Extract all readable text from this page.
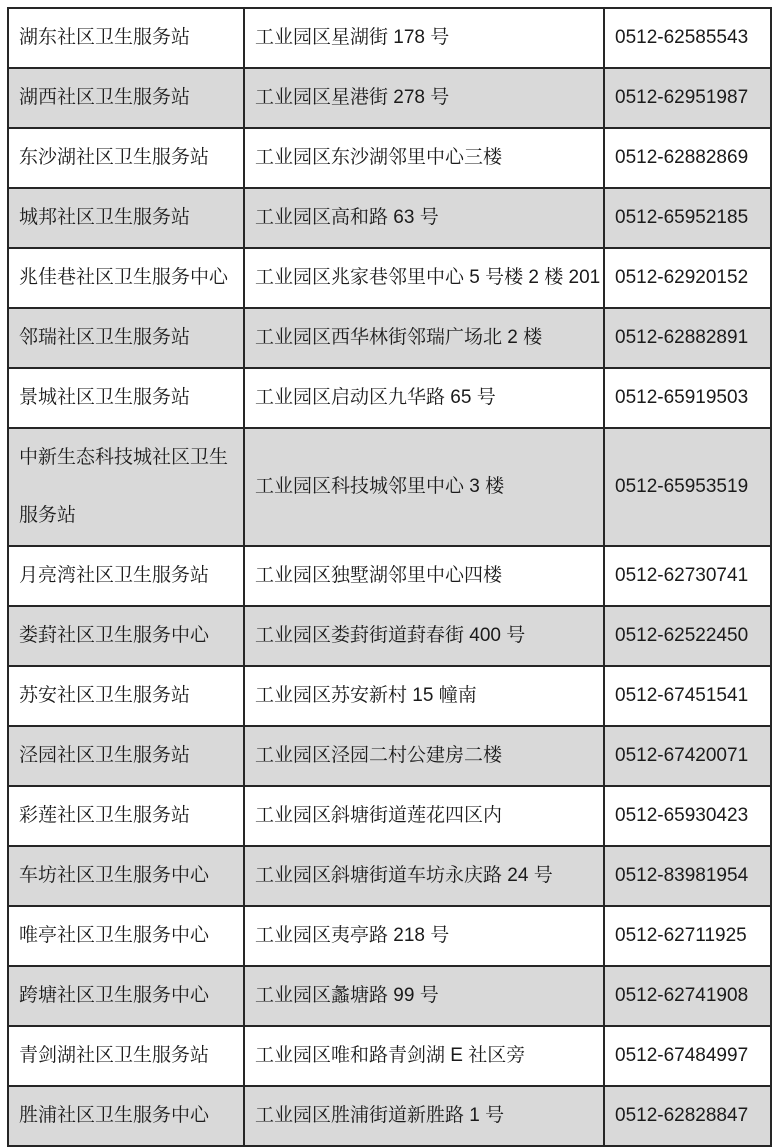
湖东社区卫生服务站	工业园区星湖街 178 号	0512-62585543
湖西社区卫生服务站	工业园区星港街 278 号	0512-62951987
东沙湖社区卫生服务站	工业园区东沙湖邻里中心三楼	0512-62882869
城邦社区卫生服务站	工业园区高和路 63 号	0512-65952185
兆佳巷社区卫生服务中心	工业园区兆家巷邻里中心 5 号楼 2 楼 201	0512-62920152
邻瑞社区卫生服务站	工业园区西华林街邻瑞广场北 2 楼	0512-62882891
景城社区卫生服务站	工业园区启动区九华路 65 号	0512-65919503
中新生态科技城社区卫生服务站	工业园区科技城邻里中心 3 楼	0512-65953519
月亮湾社区卫生服务站	工业园区独墅湖邻里中心四楼	0512-62730741
娄葑社区卫生服务中心	工业园区娄葑街道葑春街 400 号	0512-62522450
苏安社区卫生服务站	工业园区苏安新村 15 幢南	0512-67451541
泾园社区卫生服务站	工业园区泾园二村公建房二楼	0512-67420071
彩莲社区卫生服务站	工业园区斜塘街道莲花四区内	0512-65930423
车坊社区卫生服务中心	工业园区斜塘街道车坊永庆路 24 号	0512-83981954
唯亭社区卫生服务中心	工业园区夷亭路 218 号	0512-62711925
跨塘社区卫生服务中心	工业园区蠡塘路 99 号	0512-62741908
青剑湖社区卫生服务站	工业园区唯和路青剑湖 E 社区旁	0512-67484997
胜浦社区卫生服务中心	工业园区胜浦街道新胜路 1 号	0512-62828847
